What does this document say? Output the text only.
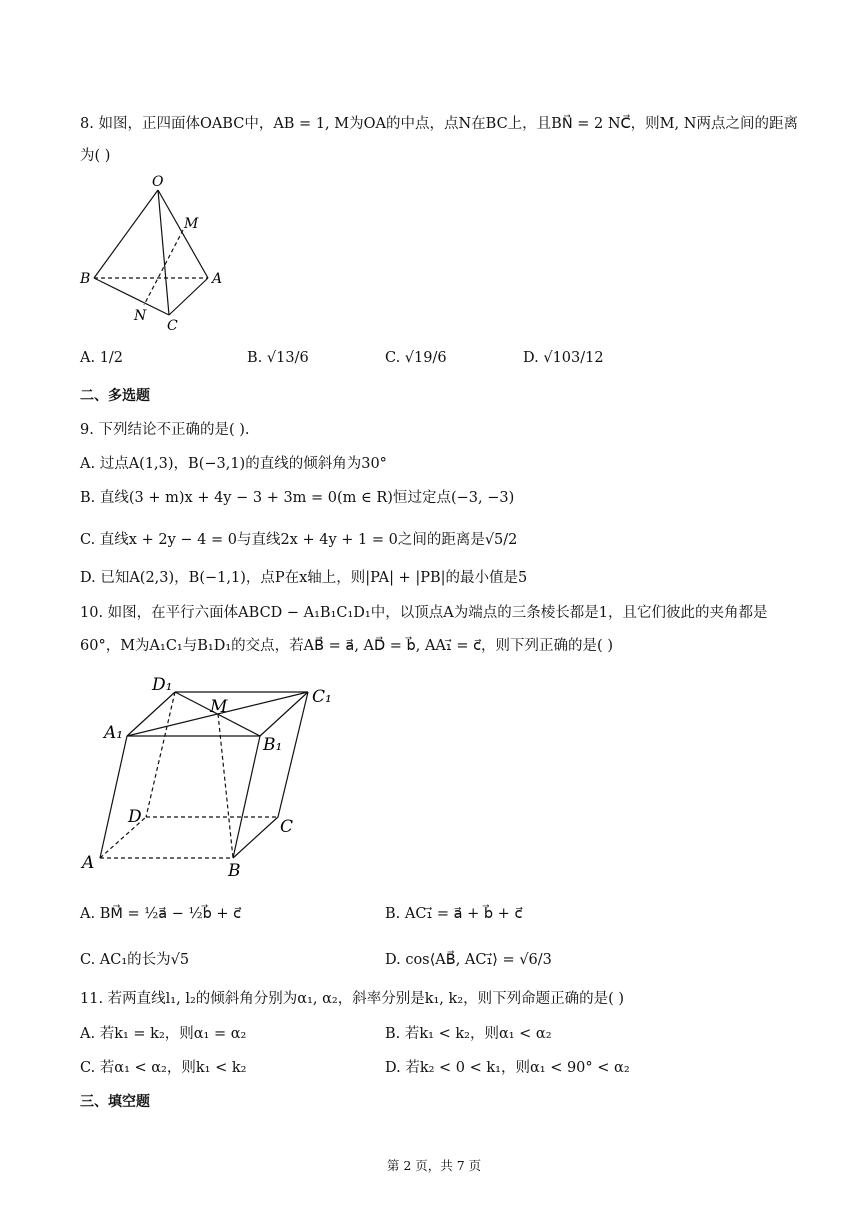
8. 如图，正四面体OABC中，AB = 1, M为OA的中点，点N在BC上，且BN⃗ = 2 NC⃗，则M, N两点之间的距离
为( )
O
M
B	A
N
C
A. 1/2	B. √13/6	C. √19/6	D. √103/12
二、多选题
9. 下列结论不正确的是( ).
A. 过点A(1,3)，B(−3,1)的直线的倾斜角为30°
B. 直线(3 + m)x + 4y − 3 + 3m = 0(m ∈ R)恒过定点(−3, −3)
C. 直线x + 2y − 4 = 0与直线2x + 4y + 1 = 0之间的距离是√5/2
D. 已知A(2,3)，B(−1,1)，点P在x轴上，则|PA| + |PB|的最小值是5
10. 如图，在平行六面体ABCD − A₁B₁C₁D₁中，以顶点A为端点的三条棱长都是1，且它们彼此的夹角都是
60°，M为A₁C₁与B₁D₁的交点，若AB⃗ = a⃗, AD⃗ = b⃗, AA₁⃗ = c⃗，则下列正确的是( )
D₁
C₁
M
A₁
B₁
D	C
A	B
A. BM⃗ = ½a⃗ − ½b⃗ + c⃗	B. AC₁⃗ = a⃗ + b⃗ + c⃗
C. AC₁的长为√5	D. cos⟨AB⃗, AC₁⃗⟩ = √6/3
11. 若两直线l₁, l₂的倾斜角分别为α₁, α₂，斜率分别是k₁, k₂，则下列命题正确的是( )
A. 若k₁ = k₂，则α₁ = α₂	B. 若k₁ < k₂，则α₁ < α₂
C. 若α₁ < α₂，则k₁ < k₂	D. 若k₂ < 0 < k₁，则α₁ < 90° < α₂
三、填空题
第 2 页，共 7 页
